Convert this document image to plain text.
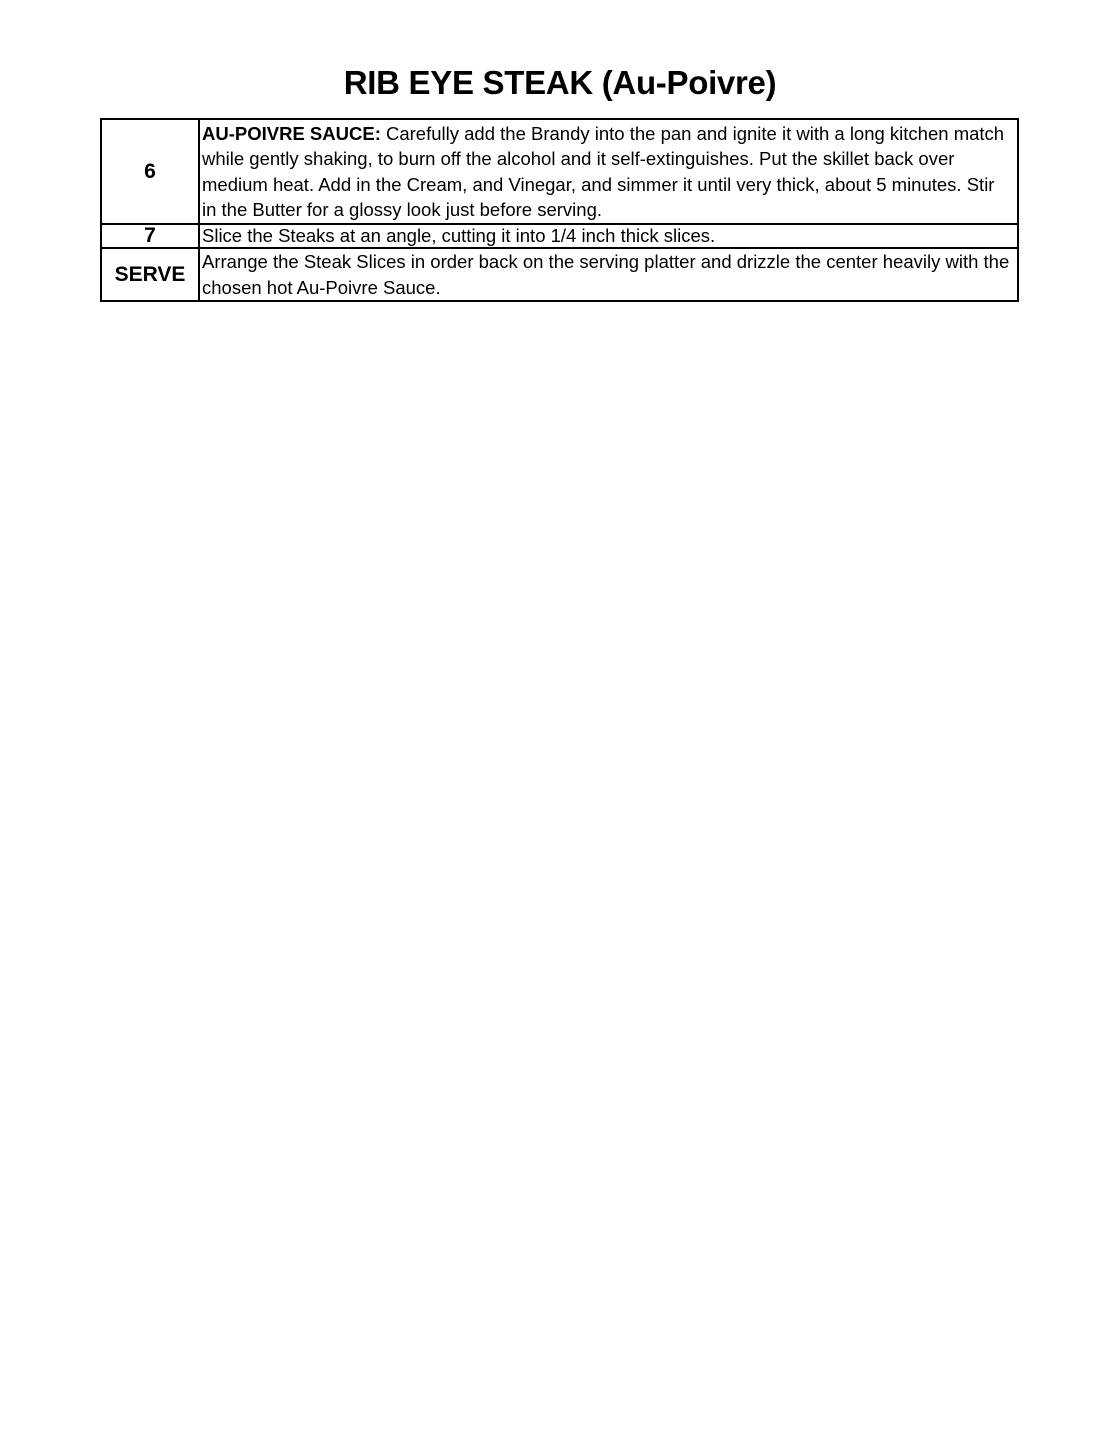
RIB EYE STEAK (Au-Poivre)
6	AU-POIVRE SAUCE: Carefully add the Brandy into the pan and ignite it with a long kitchen match while gently shaking, to burn off the alcohol and it self-extinguishes. Put the skillet back over medium heat. Add in the Cream, and Vinegar, and simmer it until very thick, about 5 minutes. Stir in the Butter for a glossy look just before serving.
7	Slice the Steaks at an angle, cutting it into 1/4 inch thick slices.
SERVE	Arrange the Steak Slices in order back on the serving platter and drizzle the center heavily with the chosen hot Au-Poivre Sauce.
